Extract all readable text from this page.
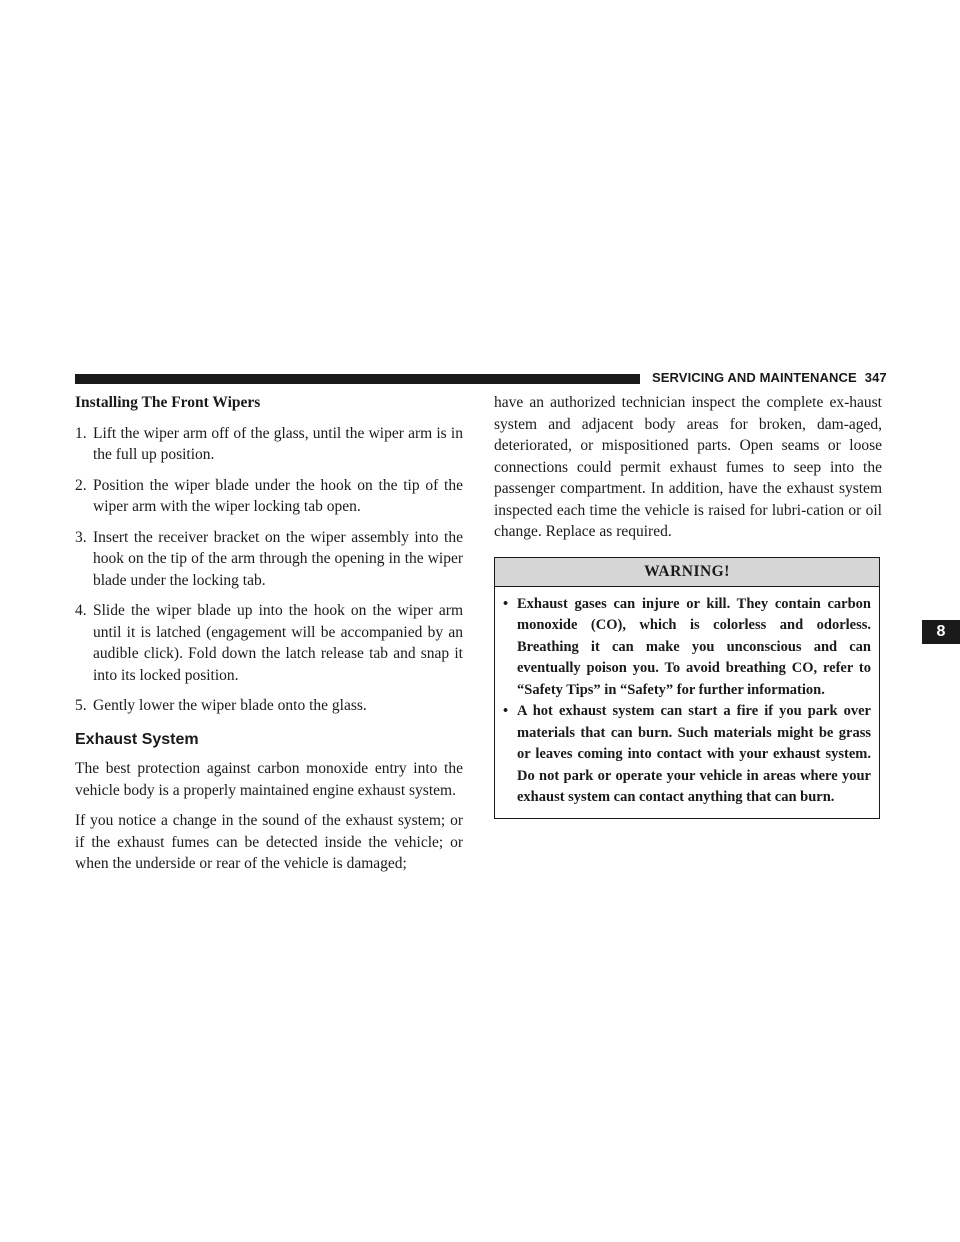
SERVICING AND MAINTENANCE 347
Installing The Front Wipers
1. Lift the wiper arm off of the glass, until the wiper arm is in the full up position.
2. Position the wiper blade under the hook on the tip of the wiper arm with the wiper locking tab open.
3. Insert the receiver bracket on the wiper assembly into the hook on the tip of the arm through the opening in the wiper blade under the locking tab.
4. Slide the wiper blade up into the hook on the wiper arm until it is latched (engagement will be accompanied by an audible click). Fold down the latch release tab and snap it into its locked position.
5. Gently lower the wiper blade onto the glass.
Exhaust System

The best protection against carbon monoxide entry into the vehicle body is a properly maintained engine exhaust system.

If you notice a change in the sound of the exhaust system; or if the exhaust fumes can be detected inside the vehicle; or when the underside or rear of the vehicle is damaged;

have an authorized technician inspect the complete ex-haust system and adjacent body areas for broken, dam-aged, deteriorated, or mispositioned parts. Open seams or loose connections could permit exhaust fumes to seep into the passenger compartment. In addition, have the exhaust system inspected each time the vehicle is raised for lubri-cation or oil change. Replace as required.

WARNING!
• Exhaust gases can injure or kill. They contain carbon monoxide (CO), which is colorless and odorless. Breathing it can make you unconscious and can eventually poison you. To avoid breathing CO, refer to “Safety Tips” in “Safety” for further information.
• A hot exhaust system can start a fire if you park over materials that can burn. Such materials might be grass or leaves coming into contact with your exhaust system. Do not park or operate your vehicle in areas where your exhaust system can contact anything that can burn.
8
